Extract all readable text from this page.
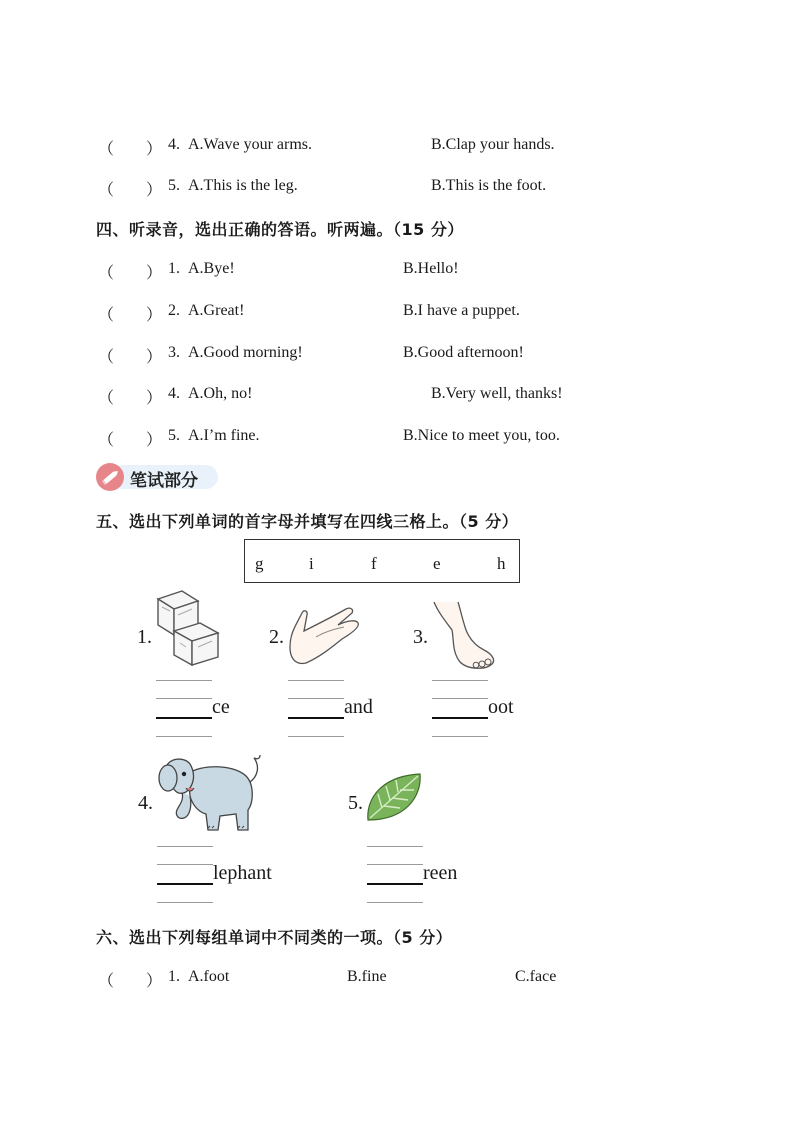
（　　） 4. A.Wave your arms.	B.Clap your hands.
（　　） 5. A.This is the leg.	B.This is the foot.
四、听录音，选出正确的答语。听两遍。（15 分）
（　　） 1. A.Bye!	B.Hello!
（　　） 2. A.Great!	B.I have a puppet.
（　　） 3. A.Good morning!	B.Good afternoon!
（　　） 4. A.Oh, no!	B.Very well, thanks!
（　　） 5. A.I’m fine.	B.Nice to meet you, too.
笔试部分
五、选出下列单词的首字母并填写在四线三格上。（5 分）
g	i	f	e	h
1.	2.	3.
ce	and	oot
4.	5.
lephant	reen
六、选出下列每组单词中不同类的一项。（5 分）
（　　） 1. A.foot	B.fine	C.face
